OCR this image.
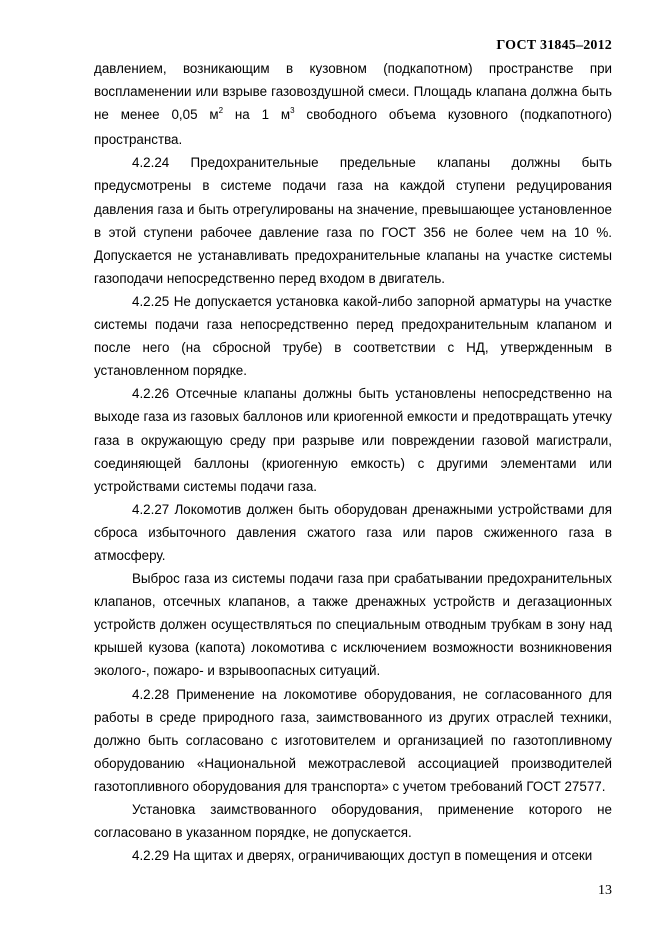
ГОСТ 31845–2012

давлением, возникающим в кузовном (подкапотном) пространстве при воспламенении или взрыве газовоздушной смеси. Площадь клапана должна быть не менее 0,05 $м^2$ на 1 $м^3$ свободного объема кузовного (подкапотного) пространства.

4.2.24 Предохранительные предельные клапаны должны быть предусмотрены в системе подачи газа на каждой ступени редуцирования давления газа и быть отрегулированы на значение, превышающее установленное в этой ступени рабочее давление газа по ГОСТ 356 не более чем на 10 %. Допускается не устанавливать предохранительные клапаны на участке системы газоподачи непосредственно перед входом в двигатель.

4.2.25 Не допускается установка какой-либо запорной арматуры на участке системы подачи газа непосредственно перед предохранительным клапаном и после него (на сбросной трубе) в соответствии с НД, утвержденным в установленном порядке.

4.2.26 Отсечные клапаны должны быть установлены непосредственно на выходе газа из газовых баллонов или криогенной емкости и предотвращать утечку газа в окружающую среду при разрыве или повреждении газовой магистрали, соединяющей баллоны (криогенную емкость) с другими элементами или устройствами системы подачи газа.

4.2.27 Локомотив должен быть оборудован дренажными устройствами для сброса избыточного давления сжатого газа или паров сжиженного газа в атмосферу.

Выброс газа из системы подачи газа при срабатывании предохранительных клапанов, отсечных клапанов, а также дренажных устройств и дегазационных устройств должен осуществляться по специальным отводным трубкам в зону над крышей кузова (капота) локомотива с исключением возможности возникновения эколого-, пожаро- и взрывоопасных ситуаций.

4.2.28 Применение на локомотиве оборудования, не согласованного для работы в среде природного газа, заимствованного из других отраслей техники, должно быть согласовано с изготовителем и организацией по газотопливному оборудованию «Национальной межотраслевой ассоциацией производителей газотопливного оборудования для транспорта» с учетом требований ГОСТ 27577.

Установка заимствованного оборудования, применение которого не согласовано в указанном порядке, не допускается.

4.2.29 На щитах и дверях, ограничивающих доступ в помещения и отсеки

13
